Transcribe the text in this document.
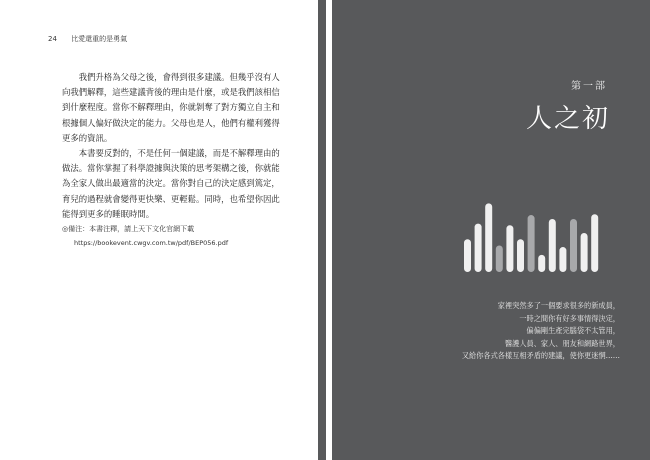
24 比愛還重的是勇氣

我們升格為父母之後，會得到很多建議。但幾乎沒有人向我們解釋，這些建議背後的理由是什麼，或是我們該相信到什麼程度。當你不解釋理由，你就剝奪了對方獨立自主和根據個人偏好做決定的能力。父母也是人，他們有權利獲得更多的資訊。

本書要反對的，不是任何一個建議，而是不解釋理由的做法。當你掌握了科學證據與決策的思考架構之後，你就能為全家人做出最適當的決定。當你對自己的決定感到篤定，育兒的過程就會變得更快樂、更輕鬆。同時，也希望你因此能得到更多的睡眠時間。

◎備注：本書注釋，請上天下文化官網下載
https://bookevent.cwgv.com.tw/pdf/BEP056.pdf
第一部
人之初
家裡突然多了一個要求很多的新成員，
一時之間你有好多事情得決定，
偏偏剛生產完腦袋不太管用，
醫護人員、家人、朋友和網路世界，
又給你各式各樣互相矛盾的建議，使你更迷惘……
